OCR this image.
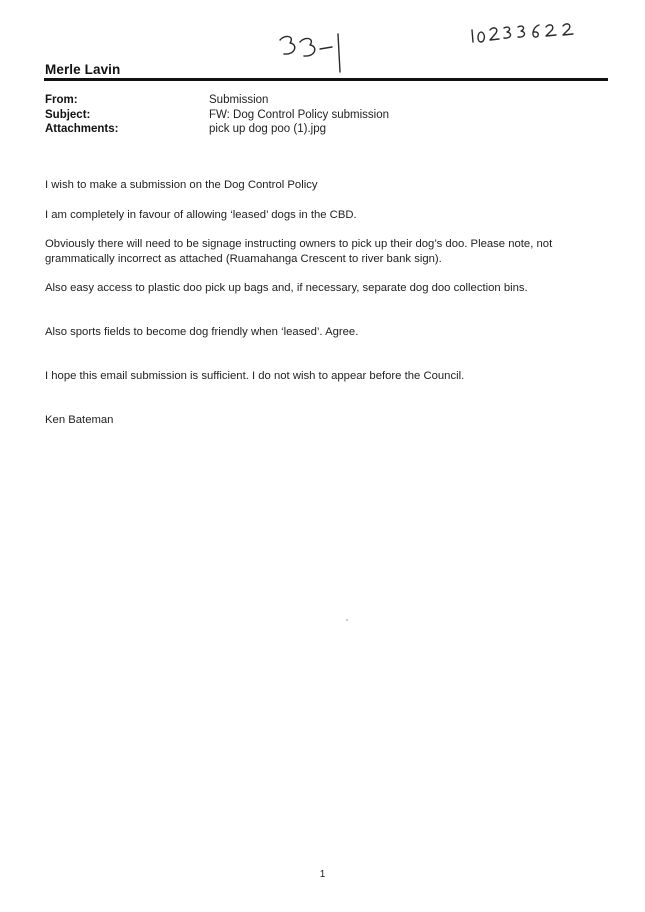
Merle Lavin
From:	Submission
Subject:	FW: Dog Control Policy submission
Attachments:	pick up dog poo (1).jpg

I wish to make a submission on the Dog Control Policy

I am completely in favour of allowing ‘leased’ dogs in the CBD.

Obviously there will need to be signage instructing owners to pick up their dog’s doo. Please note, not grammatically incorrect as attached (Ruamahanga Crescent to river bank sign).

Also easy access to plastic doo pick up bags and, if necessary, separate dog doo collection bins.

Also sports fields to become dog friendly when ‘leased’. Agree.

I hope this email submission is sufficient. I do not wish to appear before the Council.

Ken Bateman

1
